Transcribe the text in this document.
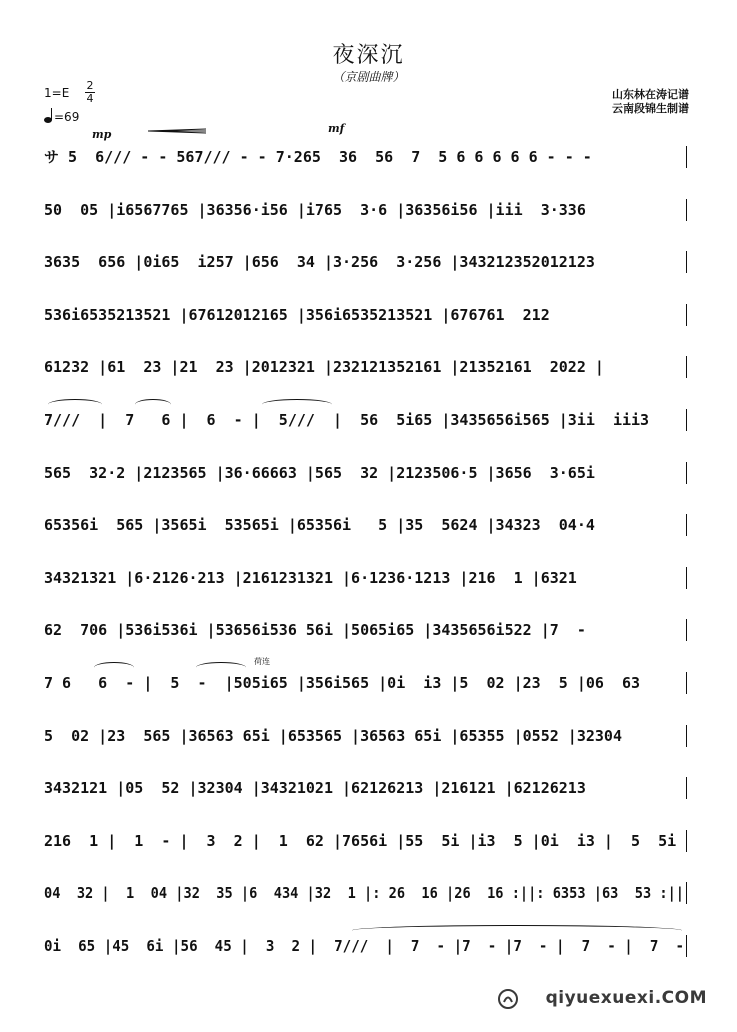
夜深沉
（京剧曲牌）
山东林在涛记谱
云南段锦生制谱
1=E
2
4
=69
mp	mf
サ 5  6/// - - 567/// - - 7·265  36  56  7  5 6 6 6 6 6 - - -
50  05 |i6567765 |36356·i56 |i765  3·6 |36356i56 |iii  3·336
3635  656 |0i65  i257 |656  34 |3·256  3·256 |343212352012123
536i6535213521 |67612012165 |356i6535213521 |676761  212
61232 |61  23 |21  23 |2012321 |232121352161 |21352161  2022 |
7///  |  7   6 |  6  - |  5///  |  56  5i65 |3435656i565 |3ii  iii3
565  32·2 |2123565 |36·66663 |565  32 |2123506·5 |3656  3·65i
65356i  565 |3565i  53565i |65356i   5 |35  5624 |34323  04·4
34321321 |6·2126·213 |2161231321 |6·1236·1213 |216  1 |6321
62  706 |536i536i |53656i536 56i |5065i65 |3435656i522 |7  -
7 6   6  - |  5  -  |505i65 |356i565 |0i  i3 |5  02 |23  5 |06  63
5  02 |23  565 |36563 65i |653565 |36563 65i |65355 |0552 |32304
3432121 |05  52 |32304 |34321021 |62126213 |216121 |62126213
216  1 |  1  - |  3  2 |  1  62 |7656i |55  5i |i3  5 |0i  i3 |  5  5i
04  32 |  1  04 |32  35 |6  434 |32  1 |: 26  16 |26  16 :||: 6353 |63  53 :||
0i  65 |45  6i |56  45 |  3  2 |  7///  |  7  - |7  - |7  - |  7  - |  7  -
荷连
qiyuexuexi.COM
